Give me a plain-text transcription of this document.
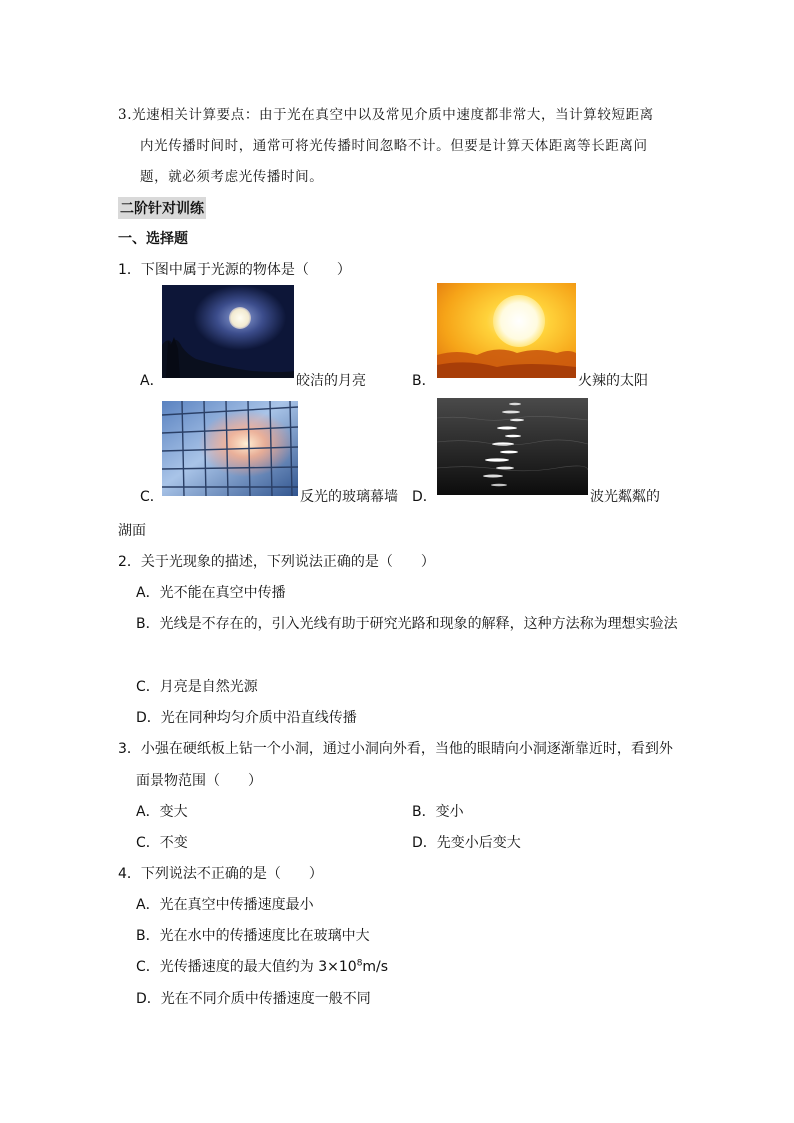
3.光速相关计算要点：由于光在真空中以及常见介质中速度都非常大，当计算较短距离
内光传播时间时，通常可将光传播时间忽略不计。但要是计算天体距离等长距离问
题，就必须考虑光传播时间。
二阶针对训练
一、选择题
1．下图中属于光源的物体是（　　）
A．	皎洁的月亮	B．	火辣的太阳
C．	反光的玻璃幕墙 D．	波光粼粼的
湖面
2．关于光现象的描述，下列说法正确的是（　　）
A．光不能在真空中传播
B．光线是不存在的，引入光线有助于研究光路和现象的解释，这种方法称为理想实验法
C．月亮是自然光源
D．光在同种均匀介质中沿直线传播
3．小强在硬纸板上钻一个小洞，通过小洞向外看，当他的眼睛向小洞逐渐靠近时，看到外
面景物范围（　　）
A．变大	B．变小
C．不变	D．先变小后变大
4．下列说法不正确的是（　　）
A．光在真空中传播速度最小
B．光在水中的传播速度比在玻璃中大
C．光传播速度的最大值约为 $3\times 10^8m/s$
D．光在不同介质中传播速度一般不同
